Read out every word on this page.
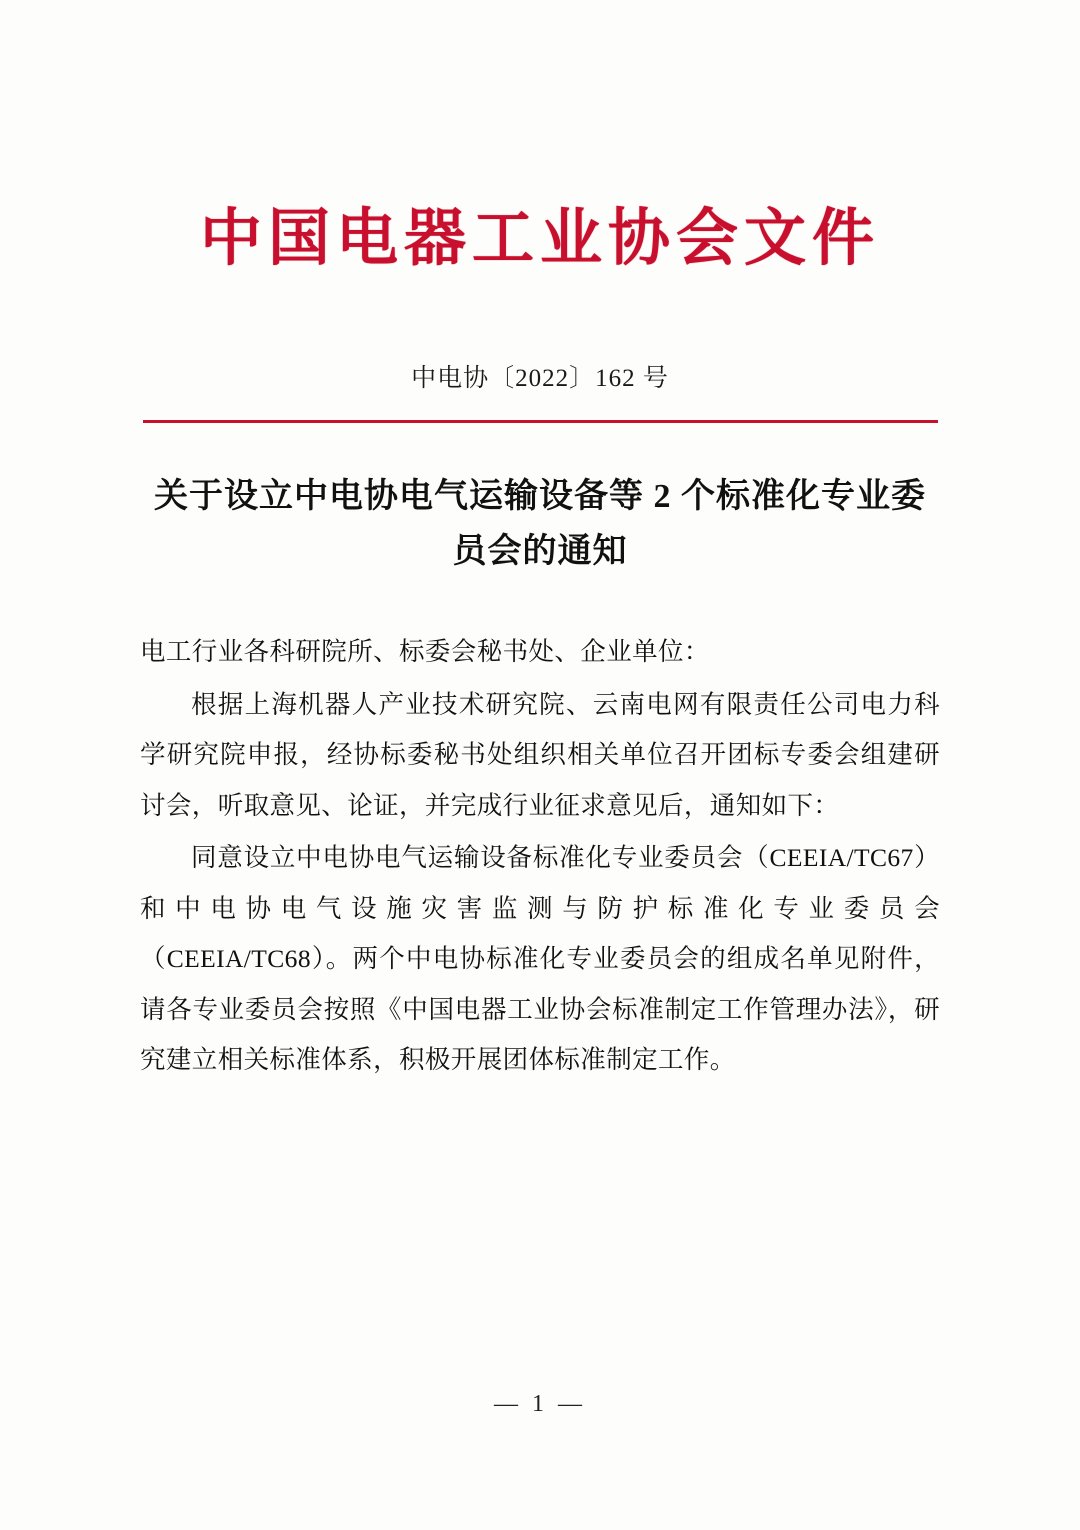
中国电器工业协会文件
中电协〔2022〕162 号
关于设立中电协电气运输设备等 2 个标准化专业委员会的通知
电工行业各科研院所、标委会秘书处、企业单位：
根据上海机器人产业技术研究院、云南电网有限责任公司电力科学研究院申报，经协标委秘书处组织相关单位召开团标专委会组建研讨会，听取意见、论证，并完成行业征求意见后，通知如下：
同意设立中电协电气运输设备标准化专业委员会（CEEIA/TC67）和中电协电气设施灾害监测与防护标准化专业委员会（CEEIA/TC68）。两个中电协标准化专业委员会的组成名单见附件，请各专业委员会按照《中国电器工业协会标准制定工作管理办法》，研究建立相关标准体系，积极开展团体标准制定工作。
— 1 —
